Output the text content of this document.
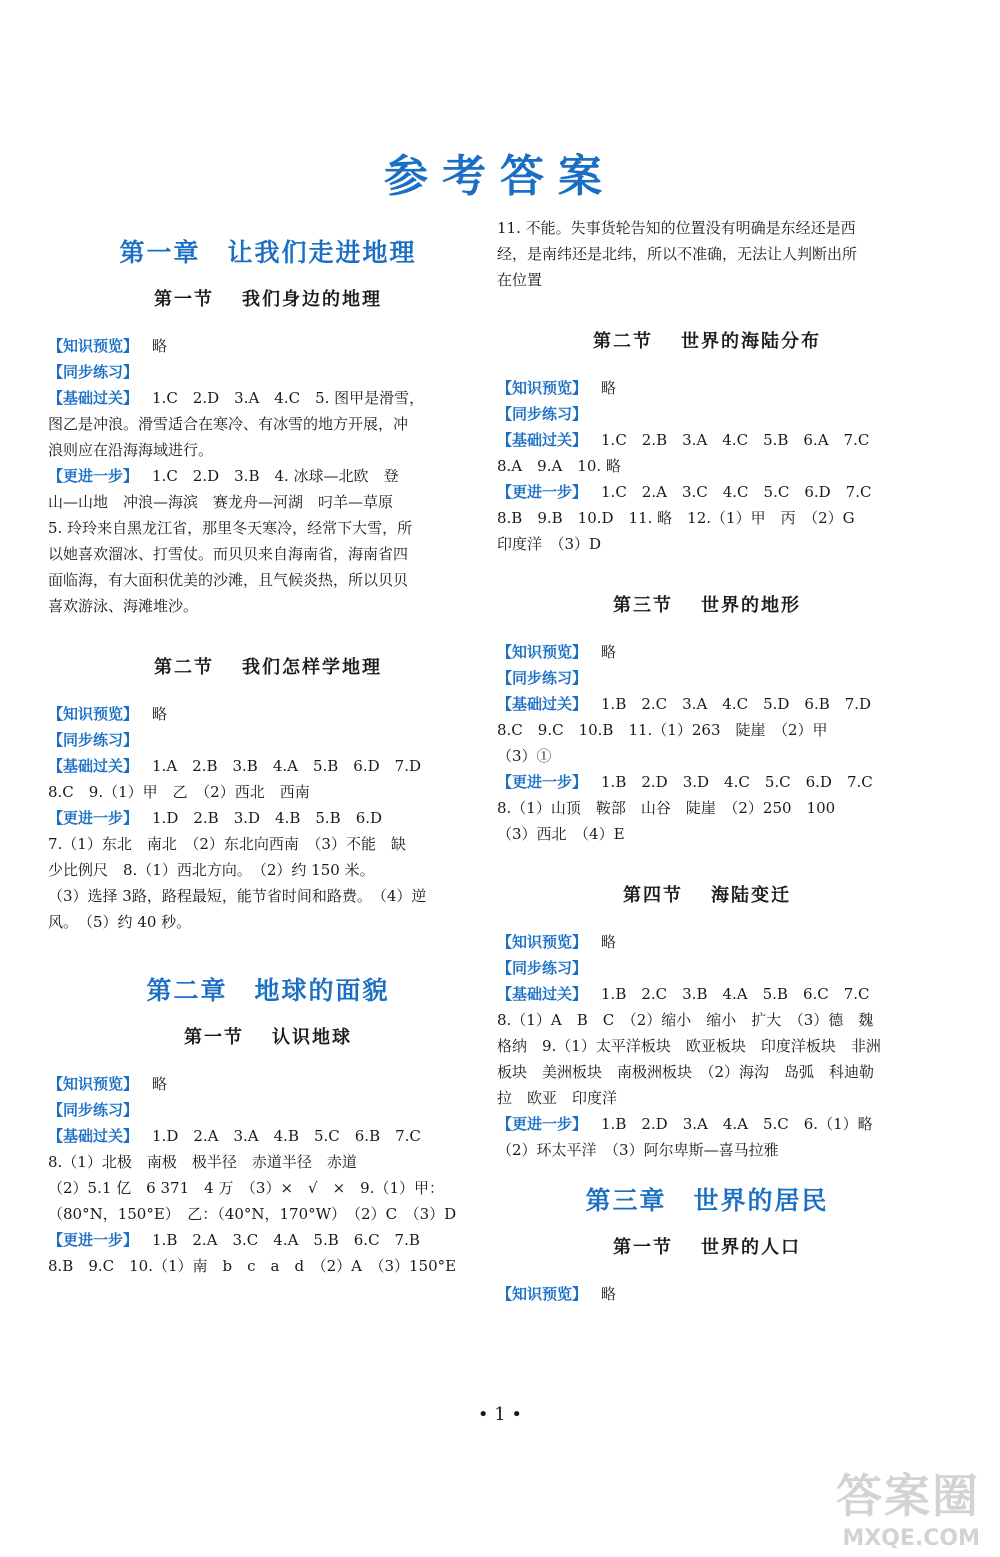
参考答案
第一章　让我们走进地理
第一节 我们身边的地理

【知识预览】 略

【同步练习】

【基础过关】 1.C　2.D　3.A　4.C　5. 图甲是滑雪，

图乙是冲浪。滑雪适合在寒冷、有冰雪的地方开展，冲

浪则应在沿海海域进行。

【更进一步】 1.C　2.D　3.B　4. 冰球—北欧　登

山—山地　冲浪—海滨　赛龙舟—河湖　叼羊—草原

5. 玲玲来自黑龙江省，那里冬天寒冷，经常下大雪，所

以她喜欢溜冰、打雪仗。而贝贝来自海南省，海南省四

面临海，有大面积优美的沙滩，且气候炎热，所以贝贝

喜欢游泳、海滩堆沙。

第二节 我们怎样学地理

【知识预览】 略

【同步练习】

【基础过关】 1.A　2.B　3.B　4.A　5.B　6.D　7.D

8.C　9.（1）甲　乙　（2）西北　西南

【更进一步】 1.D　2.B　3.D　4.B　5.B　6.D

7.（1）东北　南北　（2）东北向西南　（3）不能　缺

少比例尺　8.（1）西北方向。　（2）约 150 米。

（3）选择 3路，路程最短，能节省时间和路费。　（4）逆

风。　（5）约 40 秒。

第二章　地球的面貌
第一节 认识地球

【知识预览】 略

【同步练习】

【基础过关】 1.D　2.A　3.A　4.B　5.C　6.B　7.C

8.（1）北极　南极　极半径　赤道半径　赤道

（2）5.1 亿　6 371　4 万　（3）×　√　×　9.（1）甲：

（80°N，150°E）　乙：（40°N，170°W）　（2）C　（3）D

【更进一步】 1.B　2.A　3.C　4.A　5.B　6.C　7.B

8.B　9.C　10.（1）南　b　c　a　d　（2）A　（3）150°E

11. 不能。失事货轮告知的位置没有明确是东经还是西

经，是南纬还是北纬，所以不准确，无法让人判断出所

在位置

第二节 世界的海陆分布

【知识预览】 略

【同步练习】

【基础过关】 1.C　2.B　3.A　4.C　5.B　6.A　7.C

8.A　9.A　10. 略

【更进一步】 1.C　2.A　3.C　4.C　5.C　6.D　7.C

8.B　9.B　10.D　11. 略　12.（1）甲　丙　（2）G

印度洋　（3）D

第三节 世界的地形

【知识预览】 略

【同步练习】

【基础过关】 1.B　2.C　3.A　4.C　5.D　6.B　7.D

8.C　9.C　10.B　11.（1）263　陡崖　（2）甲

（3）①

【更进一步】 1.B　2.D　3.D　4.C　5.C　6.D　7.C

8.（1）山顶　鞍部　山谷　陡崖　（2）250　100

（3）西北　（4）E

第四节 海陆变迁

【知识预览】 略

【同步练习】

【基础过关】 1.B　2.C　3.B　4.A　5.B　6.C　7.C

8.（1）A　B　C　（2）缩小　缩小　扩大　（3）德　魏

格纳　9.（1）太平洋板块　欧亚板块　印度洋板块　非洲

板块　美洲板块　南极洲板块　（2）海沟　岛弧　科迪勒

拉　欧亚　印度洋

【更进一步】 1.B　2.D　3.A　4.A　5.C　6.（1）略

（2）环太平洋　（3）阿尔卑斯—喜马拉雅

第三章　世界的居民
第一节 世界的人口

【知识预览】 略

• 1 •
答案圈
MXQE.COM
